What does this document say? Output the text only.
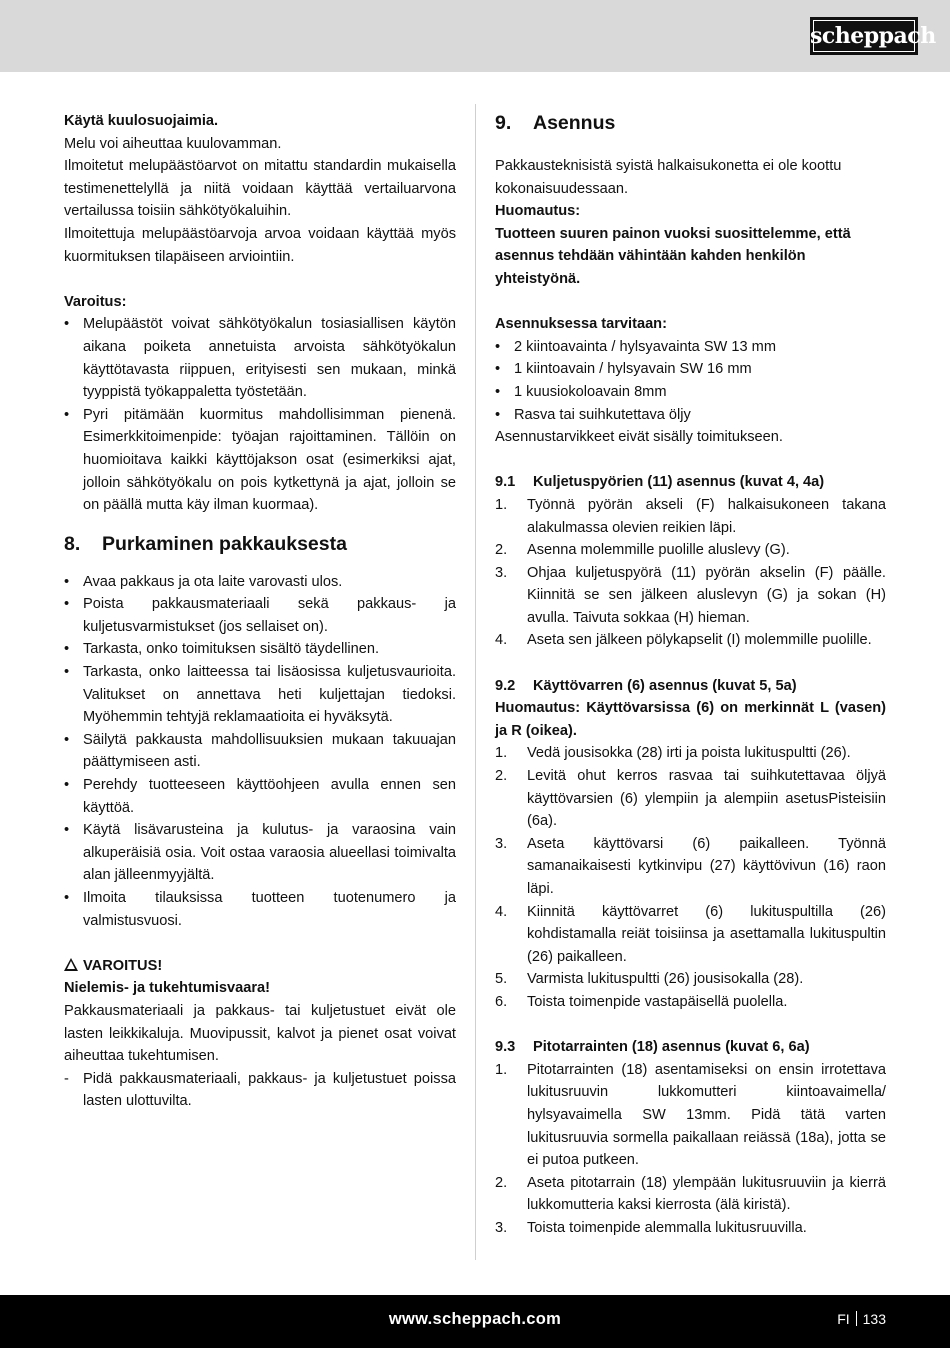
scheppach

Käytä kuulosuojaimia.

Melu voi aiheuttaa kuulovamman.

Ilmoitetut melupäästöarvot on mitattu standardin mukaisella testimenettelyllä ja niitä voidaan käyttää vertailuarvona vertailussa toisiin sähkötyökaluihin.

Ilmoitettuja melupäästöarvoja arvoa voidaan käyttää myös kuormituksen tilapäiseen arviointiin.

Varoitus:

• Melupäästöt voivat sähkötyökalun tosiasiallisen käytön aikana poiketa annetuista arvoista sähkötyökalun käyttötavasta riippuen, erityisesti sen mukaan, minkä tyyppistä työkappaletta työstetään.
• Pyri pitämään kuormitus mahdollisimman pienenä. Esimerkkitoimenpide: työajan rajoittaminen. Tällöin on huomioitava kaikki käyttöjakson osat (esimerkiksi ajat, jolloin sähkötyökalu on pois kytkettynä ja ajat, jolloin se on päällä mutta käy ilman kuormaa).
8. Purkaminen pakkauksesta
• Avaa pakkaus ja ota laite varovasti ulos.
• Poista pakkausmateriaali sekä pakkaus- ja kuljetusvarmistukset (jos sellaiset on).
• Tarkasta, onko toimituksen sisältö täydellinen.
• Tarkasta, onko laitteessa tai lisäosissa kuljetusvaurioita. Valitukset on annettava heti kuljettajan tiedoksi. Myöhemmin tehtyjä reklamaatioita ei hyväksytä.
• Säilytä pakkausta mahdollisuuksien mukaan takuuajan päättymiseen asti.
• Perehdy tuotteeseen käyttöohjeen avulla ennen sen käyttöä.
• Käytä lisävarusteina ja kulutus- ja varaosina vain alkuperäisiä osia. Voit ostaa varaosia alueellasi toimivalta alan jälleenmyyjältä.
• Ilmoita tilauksissa tuotteen tuotenumero ja valmistusvuosi.

VAROITUS!

Nielemis- ja tukehtumisvaara!

Pakkausmateriaali ja pakkaus- tai kuljetustuet eivät ole lasten leikkikaluja. Muovipussit, kalvot ja pienet osat voivat aiheuttaa tukehtumisen.

- Pidä pakkausmateriaali, pakkaus- ja kuljetustuet poissa lasten ulottuvilta.
9. Asennus

Pakkausteknisistä syistä halkaisukonetta ei ole koottu kokonaisuudessaan.

Huomautus:

Tuotteen suuren painon vuoksi suosittelemme, että asennus tehdään vähintään kahden henkilön yhteistyönä.

Asennuksessa tarvitaan:

• 2 kiintoavainta / hylsyavainta SW 13 mm
• 1 kiintoavain / hylsyavain SW 16 mm
• 1 kuusiokoloavain 8mm
• Rasva tai suihkutettava öljy

Asennustarvikkeet eivät sisälly toimitukseen.

9.1 Kuljetuspyörien (11) asennus (kuvat 4, 4a)
1. Työnnä pyörän akseli (F) halkaisukoneen takana alakulmassa olevien reikien läpi.
2. Asenna molemmille puolille aluslevy (G).
3. Ohjaa kuljetuspyörä (11) pyörän akselin (F) päälle. Kiinnitä se sen jälkeen aluslevyn (G) ja sokan (H) avulla. Taivuta sokkaa (H) hieman.
4. Aseta sen jälkeen pölykapselit (I) molemmille puolille.
9.2 Käyttövarren (6) asennus (kuvat 5, 5a)

Huomautus: Käyttövarsissa (6) on merkinnät L (vasen) ja R (oikea).

1. Vedä jousisokka (28) irti ja poista lukituspultti (26).
2. Levitä ohut kerros rasvaa tai suihkutettavaa öljyä käyttövarsien (6) ylempiin ja alempiin asetusPisteisiin (6a).
3. Aseta käyttövarsi (6) paikalleen. Työnnä samanaikaisesti kytkinvipu (27) käyttövivun (16) raon läpi.
4. Kiinnitä käyttövarret (6) lukituspultilla (26) kohdistamalla reiät toisiinsa ja asettamalla lukituspultin (26) paikalleen.
5. Varmista lukituspultti (26) jousisokalla (28).
6. Toista toimenpide vastapäisellä puolella.
9.3 Pitotarrainten (18) asennus (kuvat 6, 6a)
1. Pitotarrainten (18) asentamiseksi on ensin irrotettava lukitusruuvin lukkomutteri kiintoavaimella/ hylsyavaimella SW 13mm. Pidä tätä varten lukitusruuvia sormella paikallaan reiässä (18a), jotta se ei putoa putkeen.
2. Aseta pitotarrain (18) ylempään lukitusruuviin ja kierrä lukkomutteria kaksi kierrosta (älä kiristä).
3. Toista toimenpide alemmalla lukitusruuvilla.
www.scheppach.com	FI 133
